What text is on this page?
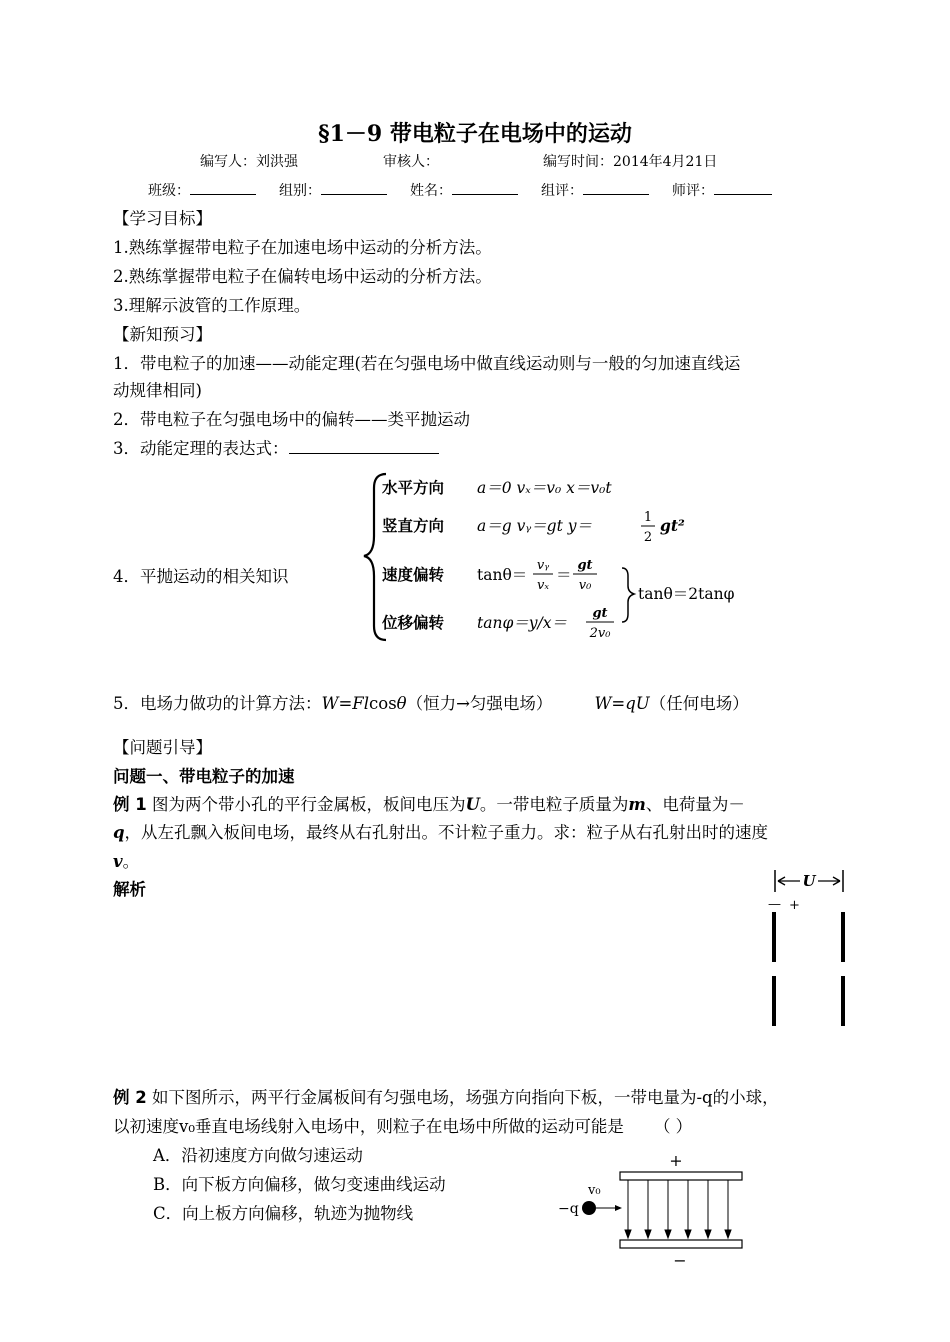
§1－9 带电粒子在电场中的运动
编写人：刘洪强	审核人：	编写时间：2014年4月21日
班级：	组别：	姓名：	组评：	师评：
【学习目标】
1.熟练掌握带电粒子在加速电场中运动的分析方法。
2.熟练掌握带电粒子在偏转电场中运动的分析方法。
3.理解示波管的工作原理。
【新知预习】
1．带电粒子的加速——动能定理(若在匀强电场中做直线运动则与一般的匀加速直线运
动规律相同)
2．带电粒子在匀强电场中的偏转——类平抛运动
3．动能定理的表达式：
4．平抛运动的相关知识
水平方向 a＝0 vₓ＝v₀ x＝v₀t
竖直方向 a＝g vᵧ＝gt y＝	1
2
gt²
速度偏转 tanθ＝
vᵧ
vₓ
＝
gt
v₀
位移偏转 tanφ＝y/x＝
gt
2v₀
tanθ＝2tanφ
5．电场力做功的计算方法：W=Flcosθ（恒力→匀强电场）	W=qU（任何电场）
【问题引导】
问题一、带电粒子的加速
例 1 图为两个带小孔的平行金属板，板间电压为U。一带电粒子质量为m、电荷量为－
q，从左孔飘入板间电场，最终从右孔射出。不计粒子重力。求：粒子从右孔射出时的速度
v。
解析	U
— +
例 2 如下图所示，两平行金属板间有匀强电场，场强方向指向下板，一带电量为-q的小球，
以初速度v₀垂直电场线射入电场中，则粒子在电场中所做的运动可能是 （ ）
A．沿初速度方向做匀速运动
B．向下板方向偏移，做匀变速曲线运动
C．向上板方向偏移，轨迹为抛物线
+
−q
v₀
−
